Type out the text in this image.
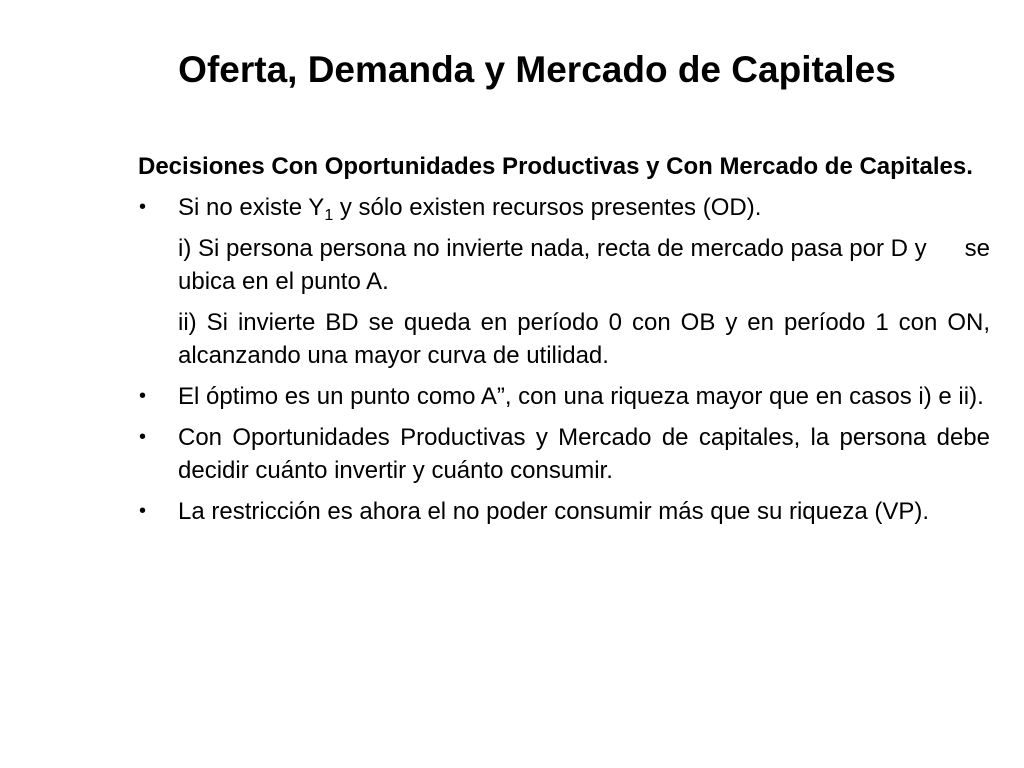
Oferta, Demanda y Mercado de Capitales

Decisiones Con Oportunidades Productivas y Con Mercado de Capitales.

• Si no existe $Y_1$ y sólo existen recursos presentes (OD).

i) Si persona persona no invierte nada, recta de mercado pasa por D y se ubica en el punto A.

ii) Si invierte BD se queda en período 0 con OB y en período 1 con ON, alcanzando una mayor curva de utilidad.

• El óptimo es un punto como A”, con una riqueza mayor que en casos i) e ii).

• Con Oportunidades Productivas y Mercado de capitales, la persona debe decidir cuánto invertir y cuánto consumir.

• La restricción es ahora el no poder consumir más que su riqueza (VP).
